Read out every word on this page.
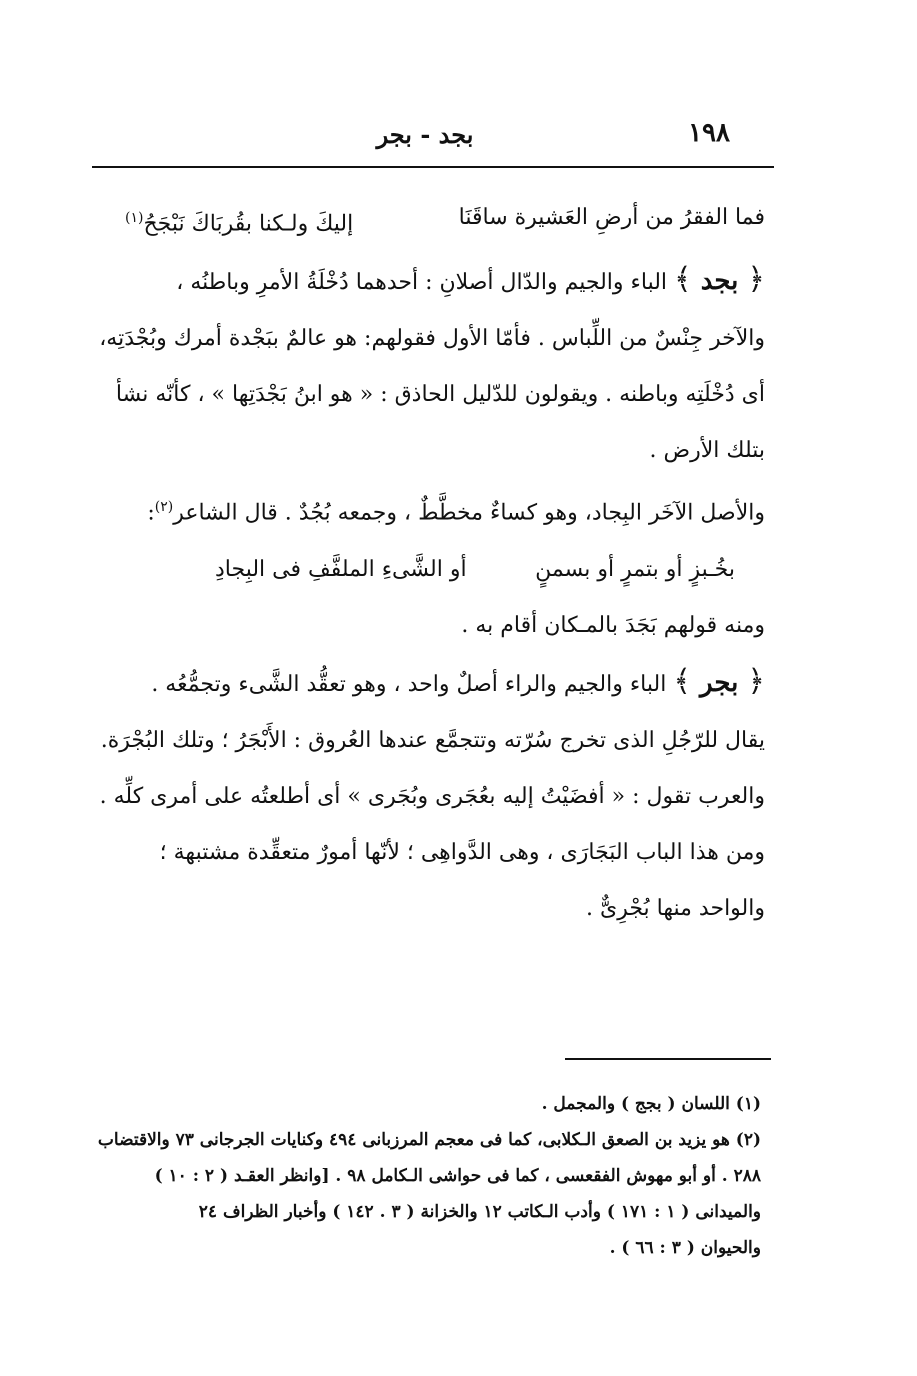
١٩٨
بجد - بجر
فما الفقرُ من أرضِ العَشيرة ساقَنَا
إليكَ ولـكنا بقُربَاكَ نَبْجَحُ$^{(١)}$

﴿ بجد ﴾ الباء والجيم والدّال أصلانِ : أحدهما دُخْلَةُ الأمرِ وباطنُه ،

والآخر جِنْسٌ من اللِّباس . فأمّا الأول فقولهم: هو عالمٌ ببَجْدة أمرك وبُجْدَتِه،

أى دُخْلَتِه وباطنه . ويقولون للدّليل الحاذق : « هو ابنُ بَجْدَتِها » ، كأنّه نشأ

بتلك الأرض .

والأصل الآخَر البِجاد، وهو كساءٌ مخطَّطٌ ، وجمعه بُجُدٌ . قال الشاعر$^{(٢)}$:

بخُـبزٍ أو بتمرٍ أو بسمنٍ
أو الشَّىءِ الملفَّفِ فى البِجادِ

ومنه قولهم بَجَدَ بالمـكان أقام به .

﴿ بجر ﴾ الباء والجيم والراء أصلٌ واحد ، وهو تعقُّد الشَّىء وتجمُّعُه .

يقال للرّجُلِ الذى تخرج سُرّته وتتجمَّع عندها العُروق : الأَبْجَرُ ؛ وتلك البُجْرَة.

والعرب تقول : « أفضَيْتُ إليه بعُجَرى وبُجَرى » أى أطلعتُه على أمرى كلِّه .

ومن هذا الباب البَجَارَى ، وهى الدَّواهِى ؛ لأنّها أمورٌ متعقِّدة مشتبهة ؛

والواحد منها بُجْرِىٌّ .

(١) اللسان ( بجج ) والمجمل .

(٢) هو يزيد بن الصعق الـكلابى، كما فى معجم المرزبانى ٤٩٤ وكنايات الجرجانى ٧٣ والاقتضاب

٢٨٨ . أو أبو مهوش الفقعسى ، كما فى حواشى الـكامل ٩٨ . [وانظر العقـد ( ٢ : ١٠ )

والميدانى ( ١ : ١٧١ ) وأدب الـكاتب ١٢ والخزانة ( ٣ . ١٤٢ ) وأخبار الظراف ٢٤

والحيوان ( ٣ : ٦٦ ) .
